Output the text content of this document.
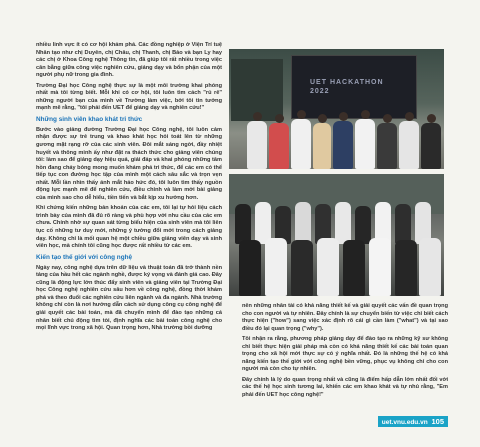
nhiều linh vực ít có cơ hội khám phá. Các đồng nghiệp ở Viện Trí tuệ Nhân tạo như chị Duyên, chị Châu, chị Thanh, chị Bảo và bạn Ly hay các chị ở Khoa Công nghệ Thông tin, đã giúp tôi rất nhiều trong việc cân bằng giữa công việc nghiên cứu, giảng dạy và bổn phận của một người phụ nữ trong gia đình.

Trường Đại học Công nghệ thực sự là một môi trường khai phóng nhất mà tôi từng biết. Mỗi khi có cơ hội, tôi luôn tìm cách "rủ rê" những người bạn của mình về Trường làm việc, bởi tôi tin tưởng mạnh mẽ rằng, "tôi phải đến UET để giảng dạy và nghiên cứu!"

Những sinh viên khao khát tri thức

Bước vào giảng đường Trường Đại học Công nghệ, tôi luôn cảm nhận được sự trẻ trung và khao khát học hỏi toát lên từ những gương mặt rạng rỡ của các sinh viên. Đôi mắt sáng ngời, đầy nhiệt huyết và thông minh ấy như đặt ra thách thức cho giảng viên chúng tôi: làm sao để giảng dạy hiệu quả, giải đáp và khai phóng những tâm hồn đang cháy bỏng mong muốn khám phá tri thức, để các em có thể tiếp tục con đường học tập của mình một cách sâu sắc và trọn vẹn nhất. Mỗi lần nhìn thấy ánh mắt háo hức đó, tôi luôn tìm thấy nguồn động lực mạnh mẽ để nghiên cứu, điều chỉnh và làm mới bài giảng của mình sao cho dễ hiểu, tiền tiến và bắt kịp xu hướng hơn.

Khi chứng kiến những bản khoản của các em, tôi lại tự hỏi liệu cách trình bày của mình đã đủ rõ ràng và phù hợp với nhu cầu của các em chưa. Chính nhờ sự quan sát từng biểu hiện của sinh viên mà tôi liên tục cố những tư duy mới, những ý tưởng đổi mới trong cách giảng dạy. Không chỉ là mối quan hệ một chiều giữa giảng viên dạy và sinh viên học, mà chính tôi cũng học được rất nhiều từ các em.

Kiến tạo thế giới với công nghệ

Ngày nay, công nghệ dựa trên dữ liệu và thuật toán đã trở thành nền tảng của hầu hết các ngành nghề, được ký vọng và đánh giá cao. Đây cũng là động lực lớn thúc đẩy sinh viên và giảng viên tại Trường Đại học Công nghệ nghiên cứu sâu hơn về công nghệ, đồng thời khám phá và theo đuổi các nghiên cứu liên ngành và đa ngành. Nhà trường không chỉ còn là nơi hướng dẫn cách sử dụng công cụ công nghệ để giải quyết các bài toán, mà đã chuyển mình để đào tạo những cá nhân biết chủ động tìm tòi, định nghĩa các bài toán công nghệ cho mọi lĩnh vực trong xã hội. Quan trọng hơn, Nhà trường bồi dưỡng

UET HACKATHON 2022

nên những nhân tài có khả năng thiết kế và giải quyết các vấn đề quan trọng cho con người và tự nhiên. Đây chính là sự chuyển biến từ việc chỉ biết cách thực hiện ("how") sang việc xác định rõ cái gì cần làm ("what") và tại sao điều đó lại quan trọng ("why").

Tôi nhận ra rằng, phương pháp giảng dạy để đào tạo ra những kỹ sư không chỉ biết thực hiện giải pháp mà còn có khả năng thiết kế các bài toán quan trọng cho xã hội mới thực sự có ý nghĩa nhất. Đó là những thế hệ có khả năng kiến tạo thế giới với công nghệ bền vững, phục vụ không chỉ cho con người mà còn cho tự nhiên.

Đây chính là lý do quan trọng nhất và cũng là điểm hấp dẫn lớn nhất đối với các thế hệ học sinh tương lai, khiến các em khao khát và tự nhủ rằng, "Em phải đến UET học công nghệ!"

uet.vnu.edu.vn 105
